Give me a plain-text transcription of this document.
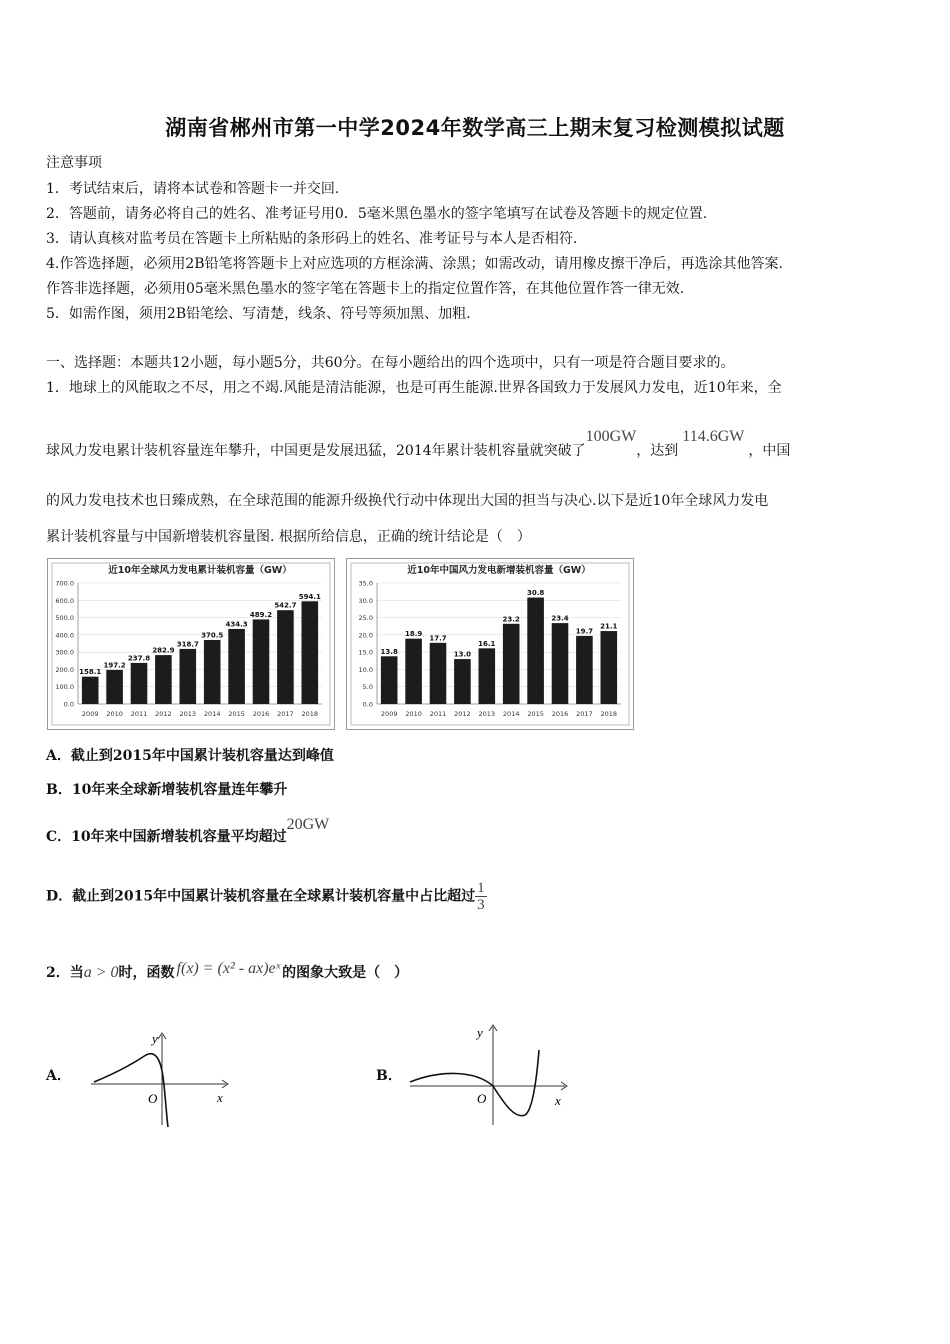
湖南省郴州市第一中学2024年数学高三上期末复习检测模拟试题
注意事项
1．考试结束后，请将本试卷和答题卡一并交回.
2．答题前，请务必将自己的姓名、准考证号用0．5毫米黑色墨水的签字笔填写在试卷及答题卡的规定位置.
3．请认真核对监考员在答题卡上所粘贴的条形码上的姓名、准考证号与本人是否相符.
4.作答选择题，必须用2B铅笔将答题卡上对应选项的方框涂满、涂黑；如需改动，请用橡皮擦干净后，再选涂其他答案.
作答非选择题，必须用05毫米黑色墨水的签字笔在答题卡上的指定位置作答，在其他位置作答一律无效.
5．如需作图，须用2B铅笔绘、写清楚，线条、符号等须加黑、加粗.
一、选择题：本题共12小题，每小题5分，共60分。在每小题给出的四个选项中，只有一项是符合题目要求的。
1．地球上的风能取之不尽，用之不竭.风能是清洁能源，也是可再生能源.世界各国致力于发展风力发电，近10年来，全
球风力发电累计装机容量连年攀升，中国更是发展迅猛，2014年累计装机容量就突破了100GW，达到114.6GW，中国
的风力发电技术也日臻成熟，在全球范围的能源升级换代行动中体现出大国的担当与决心.以下是近10年全球风力发电
累计装机容量与中国新增装机容量图. 根据所给信息，正确的统计结论是（　）
近10年全球风力发电累计装机容量（GW）
0.0
100.0
200.0
300.0
400.0
500.0
600.0
700.0
158.1
2009
197.2
2010
237.8
2011
282.9
2012
318.7
2013
370.5
2014
434.3
2015
489.2
2016
542.7
2017
594.1
2018
近10年中国风力发电新增装机容量（GW）
0.0
5.0
10.0
15.0
20.0
25.0
30.0
35.0
13.8
2009
18.9
2010
17.7
2011
13.0
2012
16.1
2013
23.2
2014
30.8
2015
23.4
2016
19.7
2017
21.1
2018
A．截止到2015年中国累计装机容量达到峰值
B．10年来全球新增装机容量连年攀升
C．10年来中国新增装机容量平均超过20GW
D．截止到2015年中国累计装机容量在全球累计装机容量中占比超过 $\frac{1}{3}$
2．当a > 0时，函数 f(x) = (x² - ax)eˣ 的图象大致是（　）
A．	B．
y
x
O
y
x
O
